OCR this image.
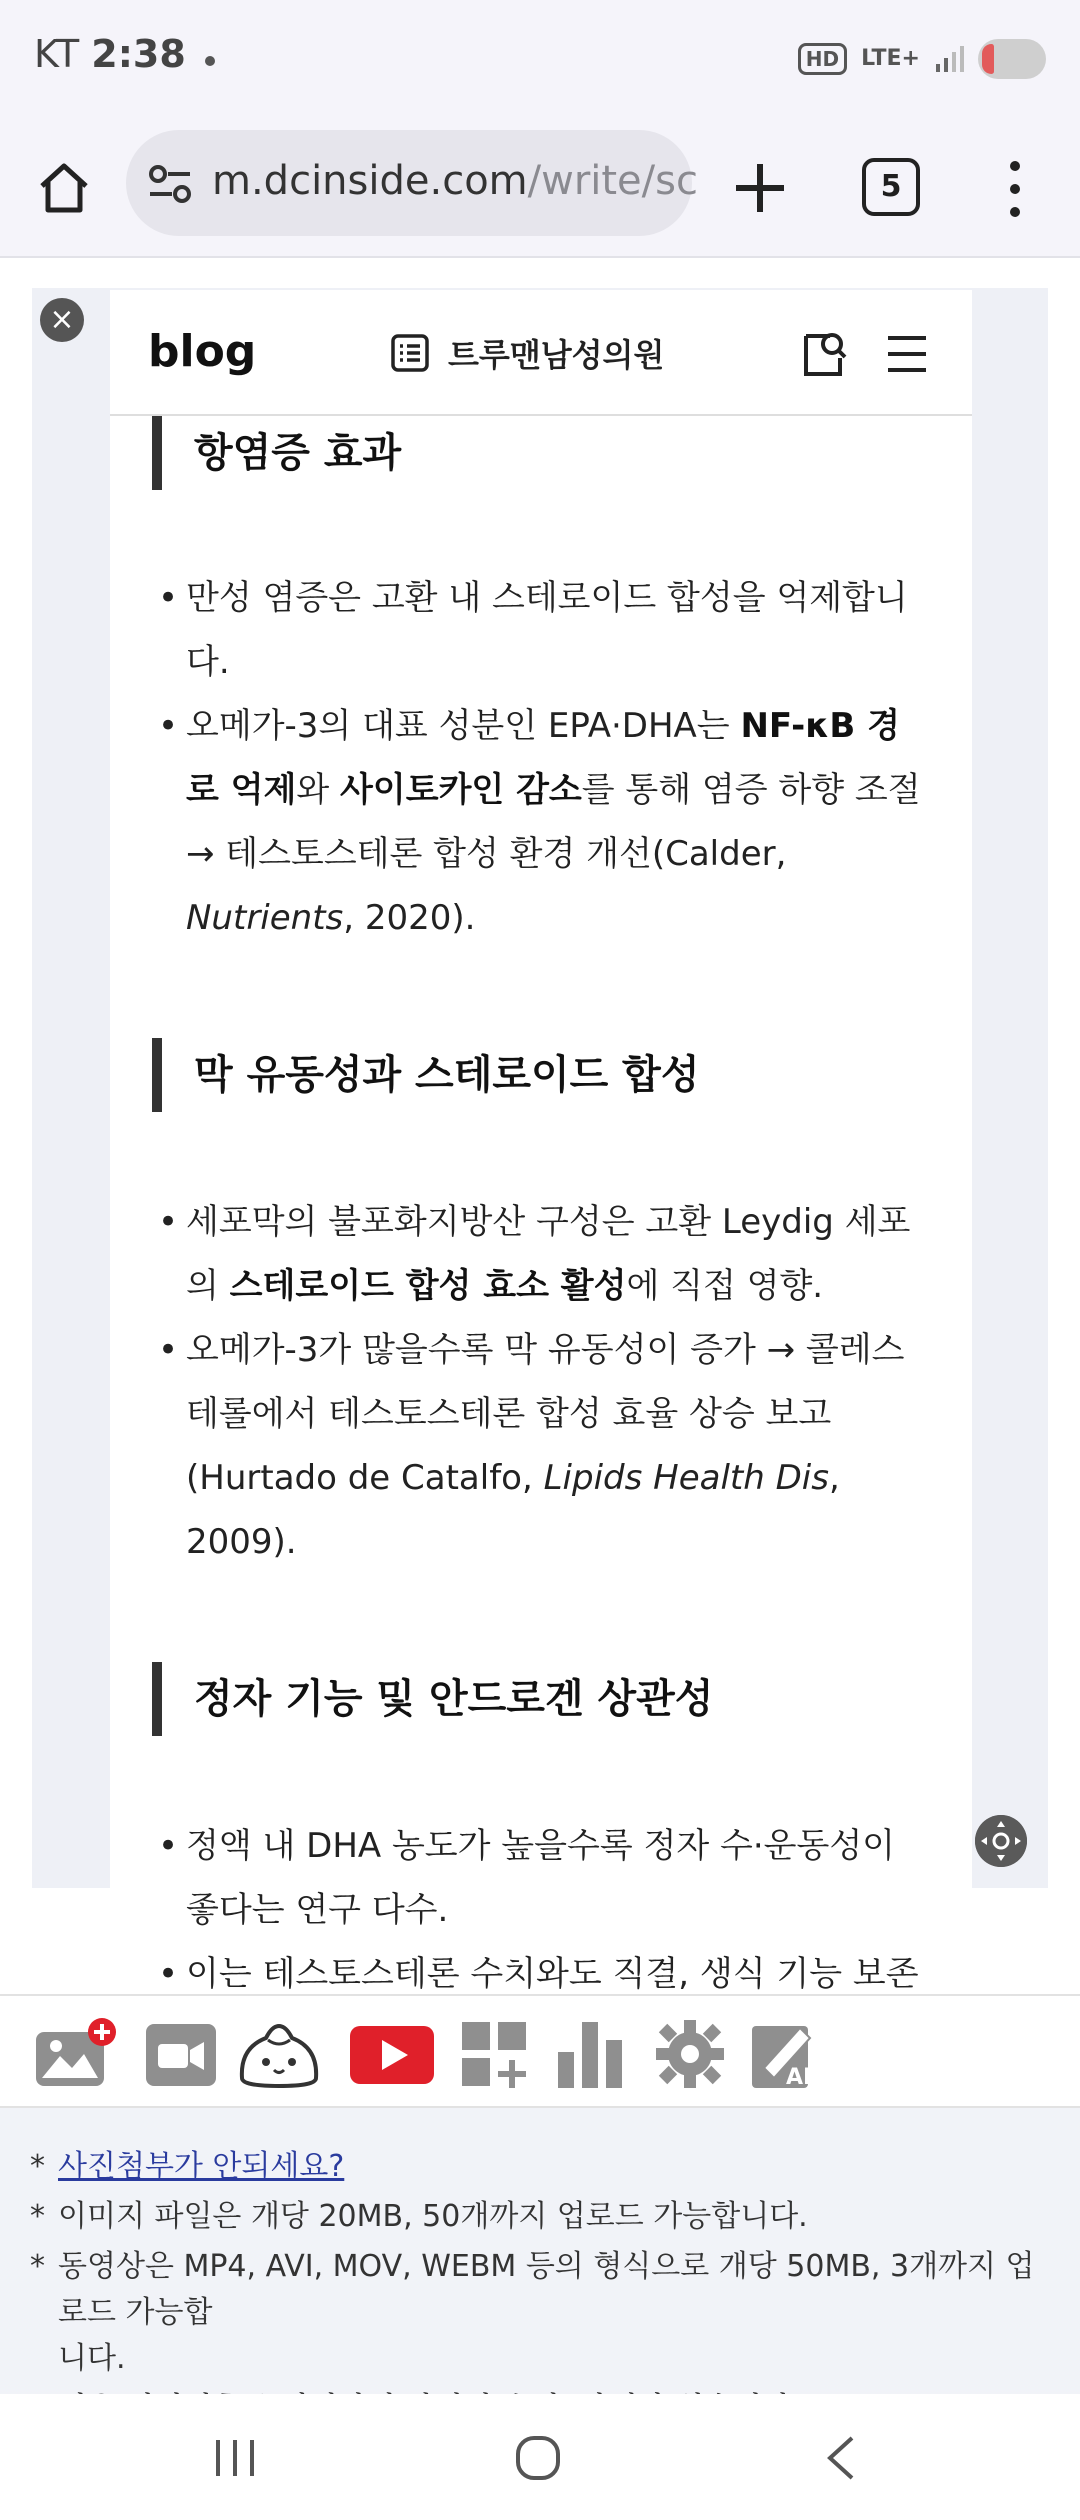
KT 2:38	HD	LTE+
m.dcinside.com/write/sc	5
×
blog	트루맨남성의원
항염증 효과
• 만성 염증은 고환 내 스테로이드 합성을 억제합니다.
• 오메가-3의 대표 성분인 EPA·DHA는 NF-κB 경로 억제와 사이토카인 감소를 통해 염증 하향 조절 → 테스토스테론 합성 환경 개선(Calder, Nutrients, 2020).
막 유동성과 스테로이드 합성
• 세포막의 불포화지방산 구성은 고환 Leydig 세포의 스테로이드 합성 효소 활성에 직접 영향.
• 오메가-3가 많을수록 막 유동성이 증가 → 콜레스테롤에서 테스토스테론 합성 효율 상승 보고 (Hurtado de Catalfo, Lipids Health Dis, 2009).
정자 기능 및 안드로겐 상관성
• 정액 내 DHA 농도가 높을수록 정자 수·운동성이 좋다는 연구 다수.
• 이는 테스토스테론 수치와도 직결, 생식 기능 보존
AI
* 사진첨부가 안되세요?
* 이미지 파일은 개당 20MB, 50개까지 업로드 가능합니다.
* 동영상은 MP4, AVI, MOV, WEBM 등의 형식으로 개당 50MB, 3개까지 업로드 가능합
니다.
*
